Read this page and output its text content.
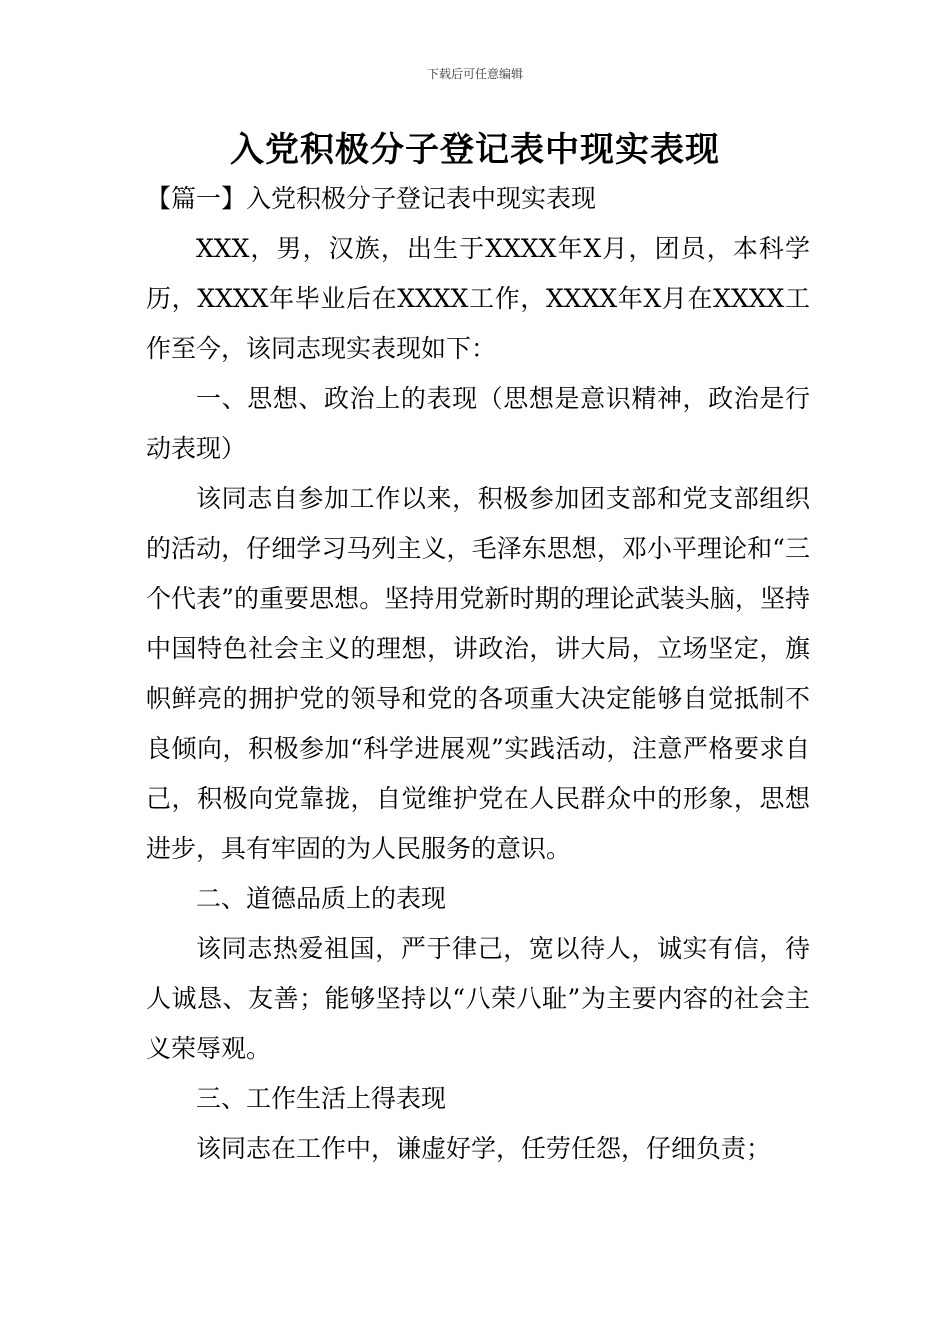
下载后可任意编辑
入党积极分子登记表中现实表现

【篇一】入党积极分子登记表中现实表现

XXX，男，汉族，出生于XXXX年X月，团员，本科学历，XXXX年毕业后在XXXX工作，XXXX年X月在XXXX工作至今，该同志现实表现如下：

一、思想、政治上的表现（思想是意识精神，政治是行动表现）

该同志自参加工作以来，积极参加团支部和党支部组织的活动，仔细学习马列主义，毛泽东思想，邓小平理论和“三个代表”的重要思想。坚持用党新时期的理论武装头脑，坚持中国特色社会主义的理想，讲政治，讲大局，立场坚定，旗帜鲜亮的拥护党的领导和党的各项重大决定能够自觉抵制不良倾向，积极参加“科学进展观”实践活动，注意严格要求自己，积极向党靠拢，自觉维护党在人民群众中的形象，思想进步，具有牢固的为人民服务的意识。

二、道德品质上的表现

该同志热爱祖国，严于律己，宽以待人，诚实有信，待人诚恳、友善；能够坚持以“八荣八耻”为主要内容的社会主义荣辱观。

三、工作生活上得表现

该同志在工作中，谦虚好学，任劳任怨，仔细负责；
